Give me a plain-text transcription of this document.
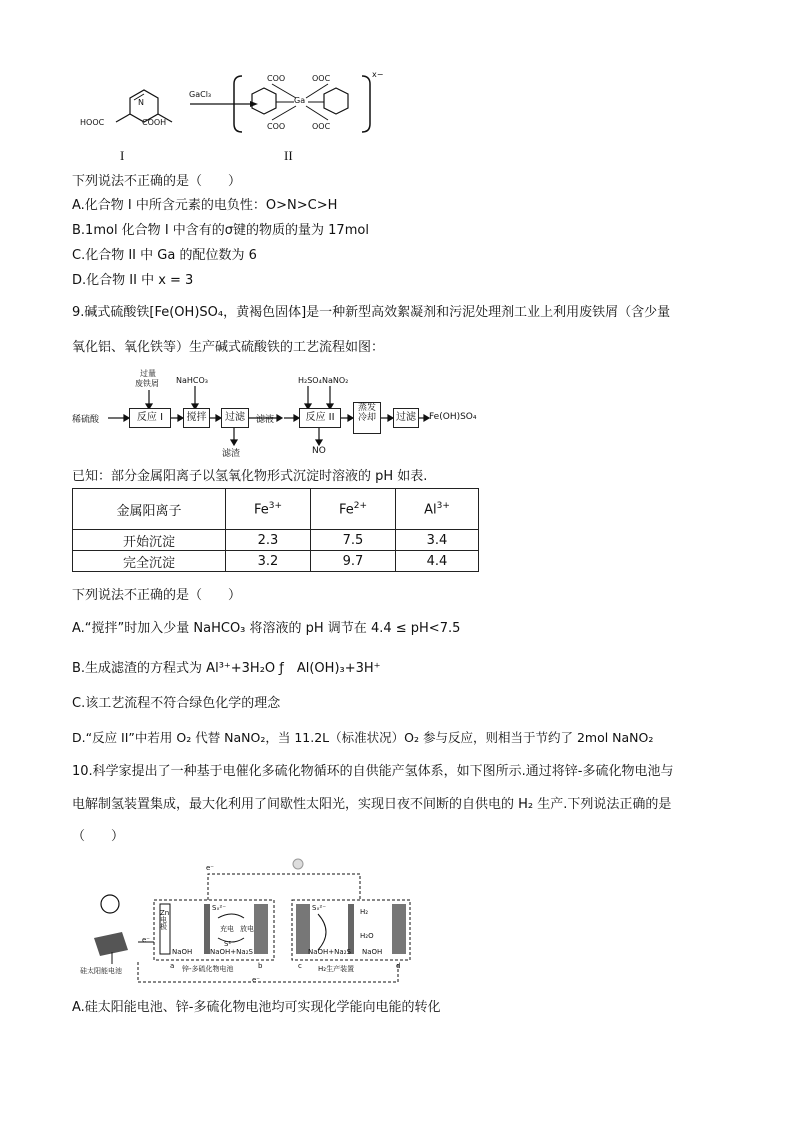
GaCl₃
HOOC	COOH
N
COO	OOC
COO	OOC
Ga
x−
I	II
下列说法不正确的是（　　）
A.化合物 I 中所含元素的电负性：O>N>C>H
B.1mol 化合物 I 中含有的σ键的物质的量为 17mol
C.化合物 II 中 Ga 的配位数为 6
D.化合物 II 中 x = 3
9.碱式硫酸铁[Fe(OH)SO₄，黄褐色固体]是一种新型高效絮凝剂和污泥处理剂工业上利用废铁屑（含少量
氧化铝、氧化铁等）生产碱式硫酸铁的工艺流程如图：
稀硫酸
过量
废铁屑 NaHCO₃
反应 I	搅拌	过滤
滤渣
滤液
H₂SO₄ NaNO₂
反应 II
NO
蒸发
冷却	过滤	Fe(OH)SO₄
已知：部分金属阳离子以氢氧化物形式沉淀时溶液的 pH 如表.
金属阳离子	$Fe^{3+}$	$Fe^{2+}$	$Al^{3+}$
开始沉淀	2.3	7.5	3.4
完全沉淀	3.2	9.7	4.4
下列说法不正确的是（　　）
A.“搅拌”时加入少量 NaHCO₃ 将溶液的 pH 调节在 4.4 ≤ pH<7.5
B.生成滤渣的方程式为 Al³⁺+3H₂O ƒ　Al(OH)₃+3H⁺
C.该工艺流程不符合绿色化学的理念
D.“反应 II”中若用 O₂ 代替 NaNO₂，当 11.2L（标准状况）O₂ 参与反应，则相当于节约了 2mol NaNO₂
10.科学家提出了一种基于电催化多硫化物循环的自供能产氢体系，如下图所示.通过将锌-多硫化物电池与
电解制氢装置集成，最大化利用了间歇性太阳光，实现日夜不间断的自供电的 H₂ 生产.下列说法正确的是
（　　）
e⁻
Zn电极
Sₓ²⁻
充电 放电
S²⁻
NaOH	NaOH+Na₂S
Sₓ²⁻	H₂
H₂O
NaOH+Na₂S NaOH
a	b	c	d
锌-多硫化物电池	H₂生产装置
硅太阳能电池
e⁻
e⁻
A.硅太阳能电池、锌-多硫化物电池均可实现化学能向电能的转化
